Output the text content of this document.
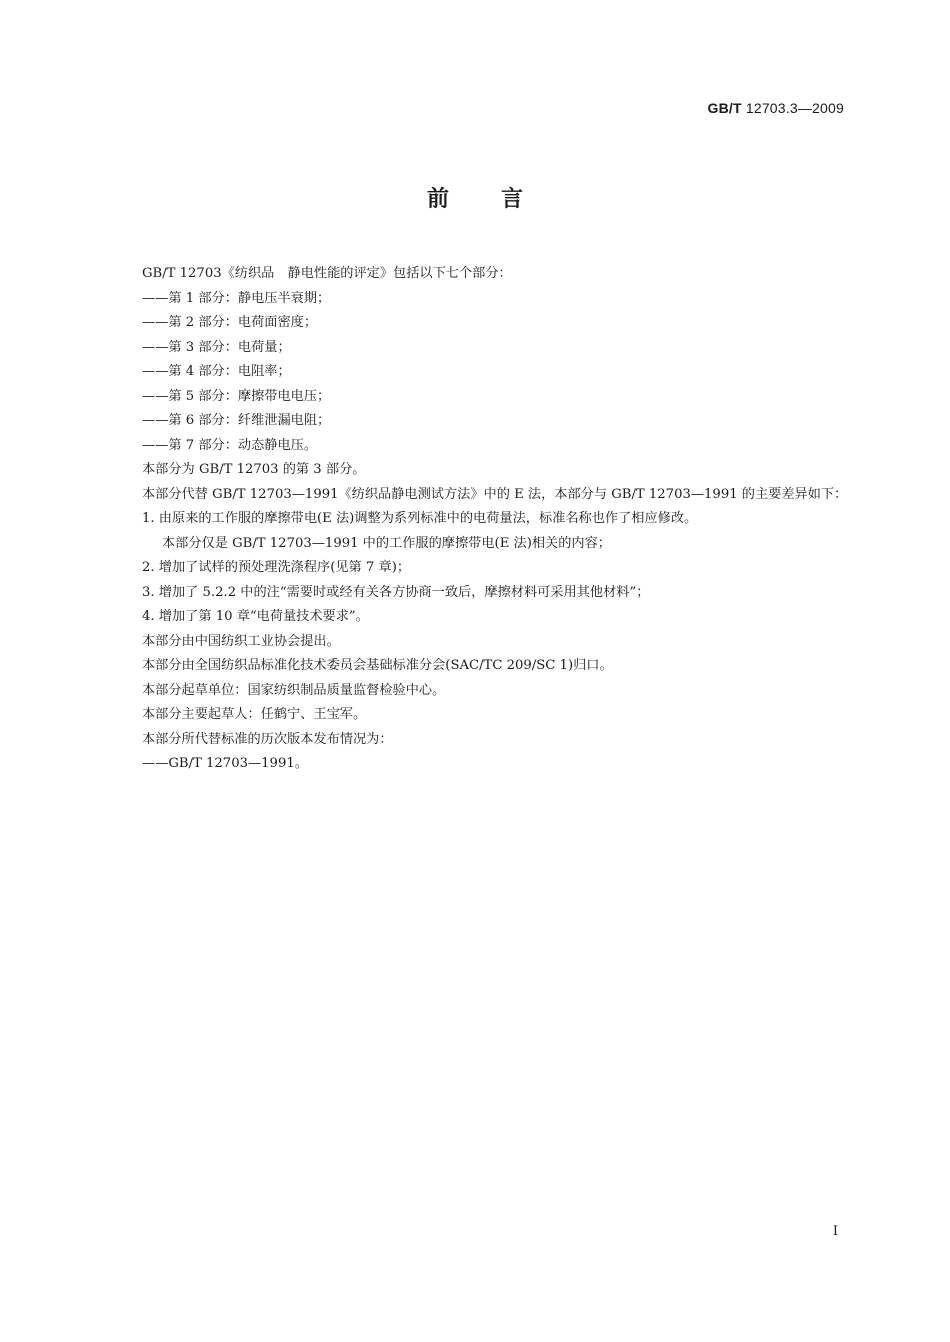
GB/T 12703.3—2009
前言

GB/T 12703《纺织品　静电性能的评定》包括以下七个部分：

——第 1 部分：静电压半衰期；

——第 2 部分：电荷面密度；

——第 3 部分：电荷量；

——第 4 部分：电阻率；

——第 5 部分：摩擦带电电压；

——第 6 部分：纤维泄漏电阻；

——第 7 部分：动态静电压。

本部分为 GB/T 12703 的第 3 部分。

本部分代替 GB/T 12703—1991《纺织品静电测试方法》中的 E 法，本部分与 GB/T 12703—1991 的主要差异如下：

1. 由原来的工作服的摩擦带电(E 法)调整为系列标准中的电荷量法，标准名称也作了相应修改。

本部分仅是 GB/T 12703—1991 中的工作服的摩擦带电(E 法)相关的内容；

2. 增加了试样的预处理洗涤程序(见第 7 章)；

3. 增加了 5.2.2 中的注“需要时或经有关各方协商一致后，摩擦材料可采用其他材料”；

4. 增加了第 10 章“电荷量技术要求”。

本部分由中国纺织工业协会提出。

本部分由全国纺织品标准化技术委员会基础标准分会(SAC/TC 209/SC 1)归口。

本部分起草单位：国家纺织制品质量监督检验中心。

本部分主要起草人：任鹤宁、王宝军。

本部分所代替标准的历次版本发布情况为：

——GB/T 12703—1991。

I
